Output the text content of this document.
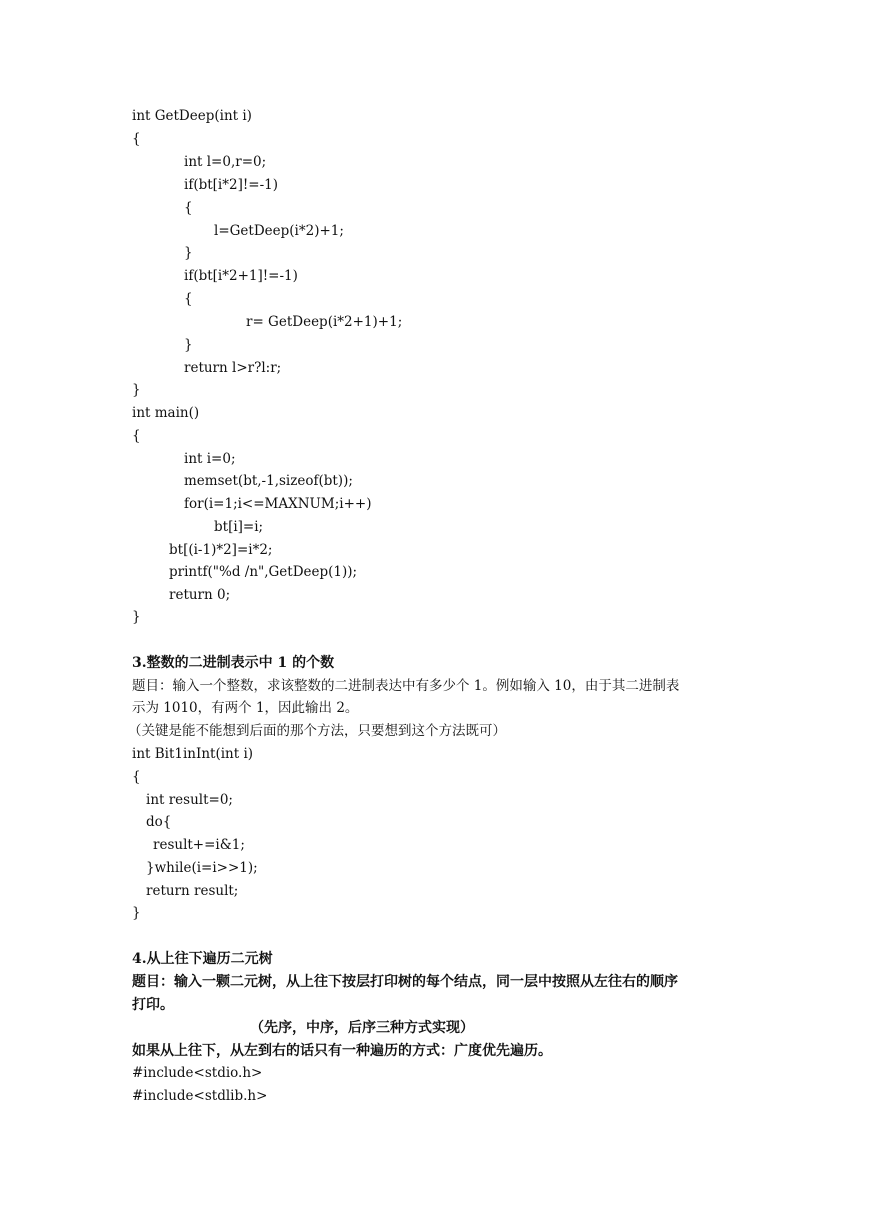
int GetDeep(int i)
{
int l=0,r=0;
if(bt[i*2]!=-1)
{
l=GetDeep(i*2)+1;
}
if(bt[i*2+1]!=-1)
{
r= GetDeep(i*2+1)+1;
}
return l>r?l:r;
}
int main()
{
int i=0;
memset(bt,-1,sizeof(bt));
for(i=1;i<=MAXNUM;i++)
bt[i]=i;
bt[(i-1)*2]=i*2;
printf("%d /n",GetDeep(1));
return 0;
}
3.整数的二进制表示中 1 的个数
题目：输入一个整数，求该整数的二进制表达中有多少个 1。例如输入 10，由于其二进制表
示为 1010，有两个 1，因此输出 2。
（关键是能不能想到后面的那个方法，只要想到这个方法既可）
int Bit1inInt(int i)
{
int result=0;
do{
result+=i&1;
}while(i=i>>1);
return result;
}
4.从上往下遍历二元树
题目：输入一颗二元树，从上往下按层打印树的每个结点，同一层中按照从左往右的顺序
打印。
（先序，中序，后序三种方式实现）
如果从上往下，从左到右的话只有一种遍历的方式：广度优先遍历。
#include<stdio.h>
#include<stdlib.h>
